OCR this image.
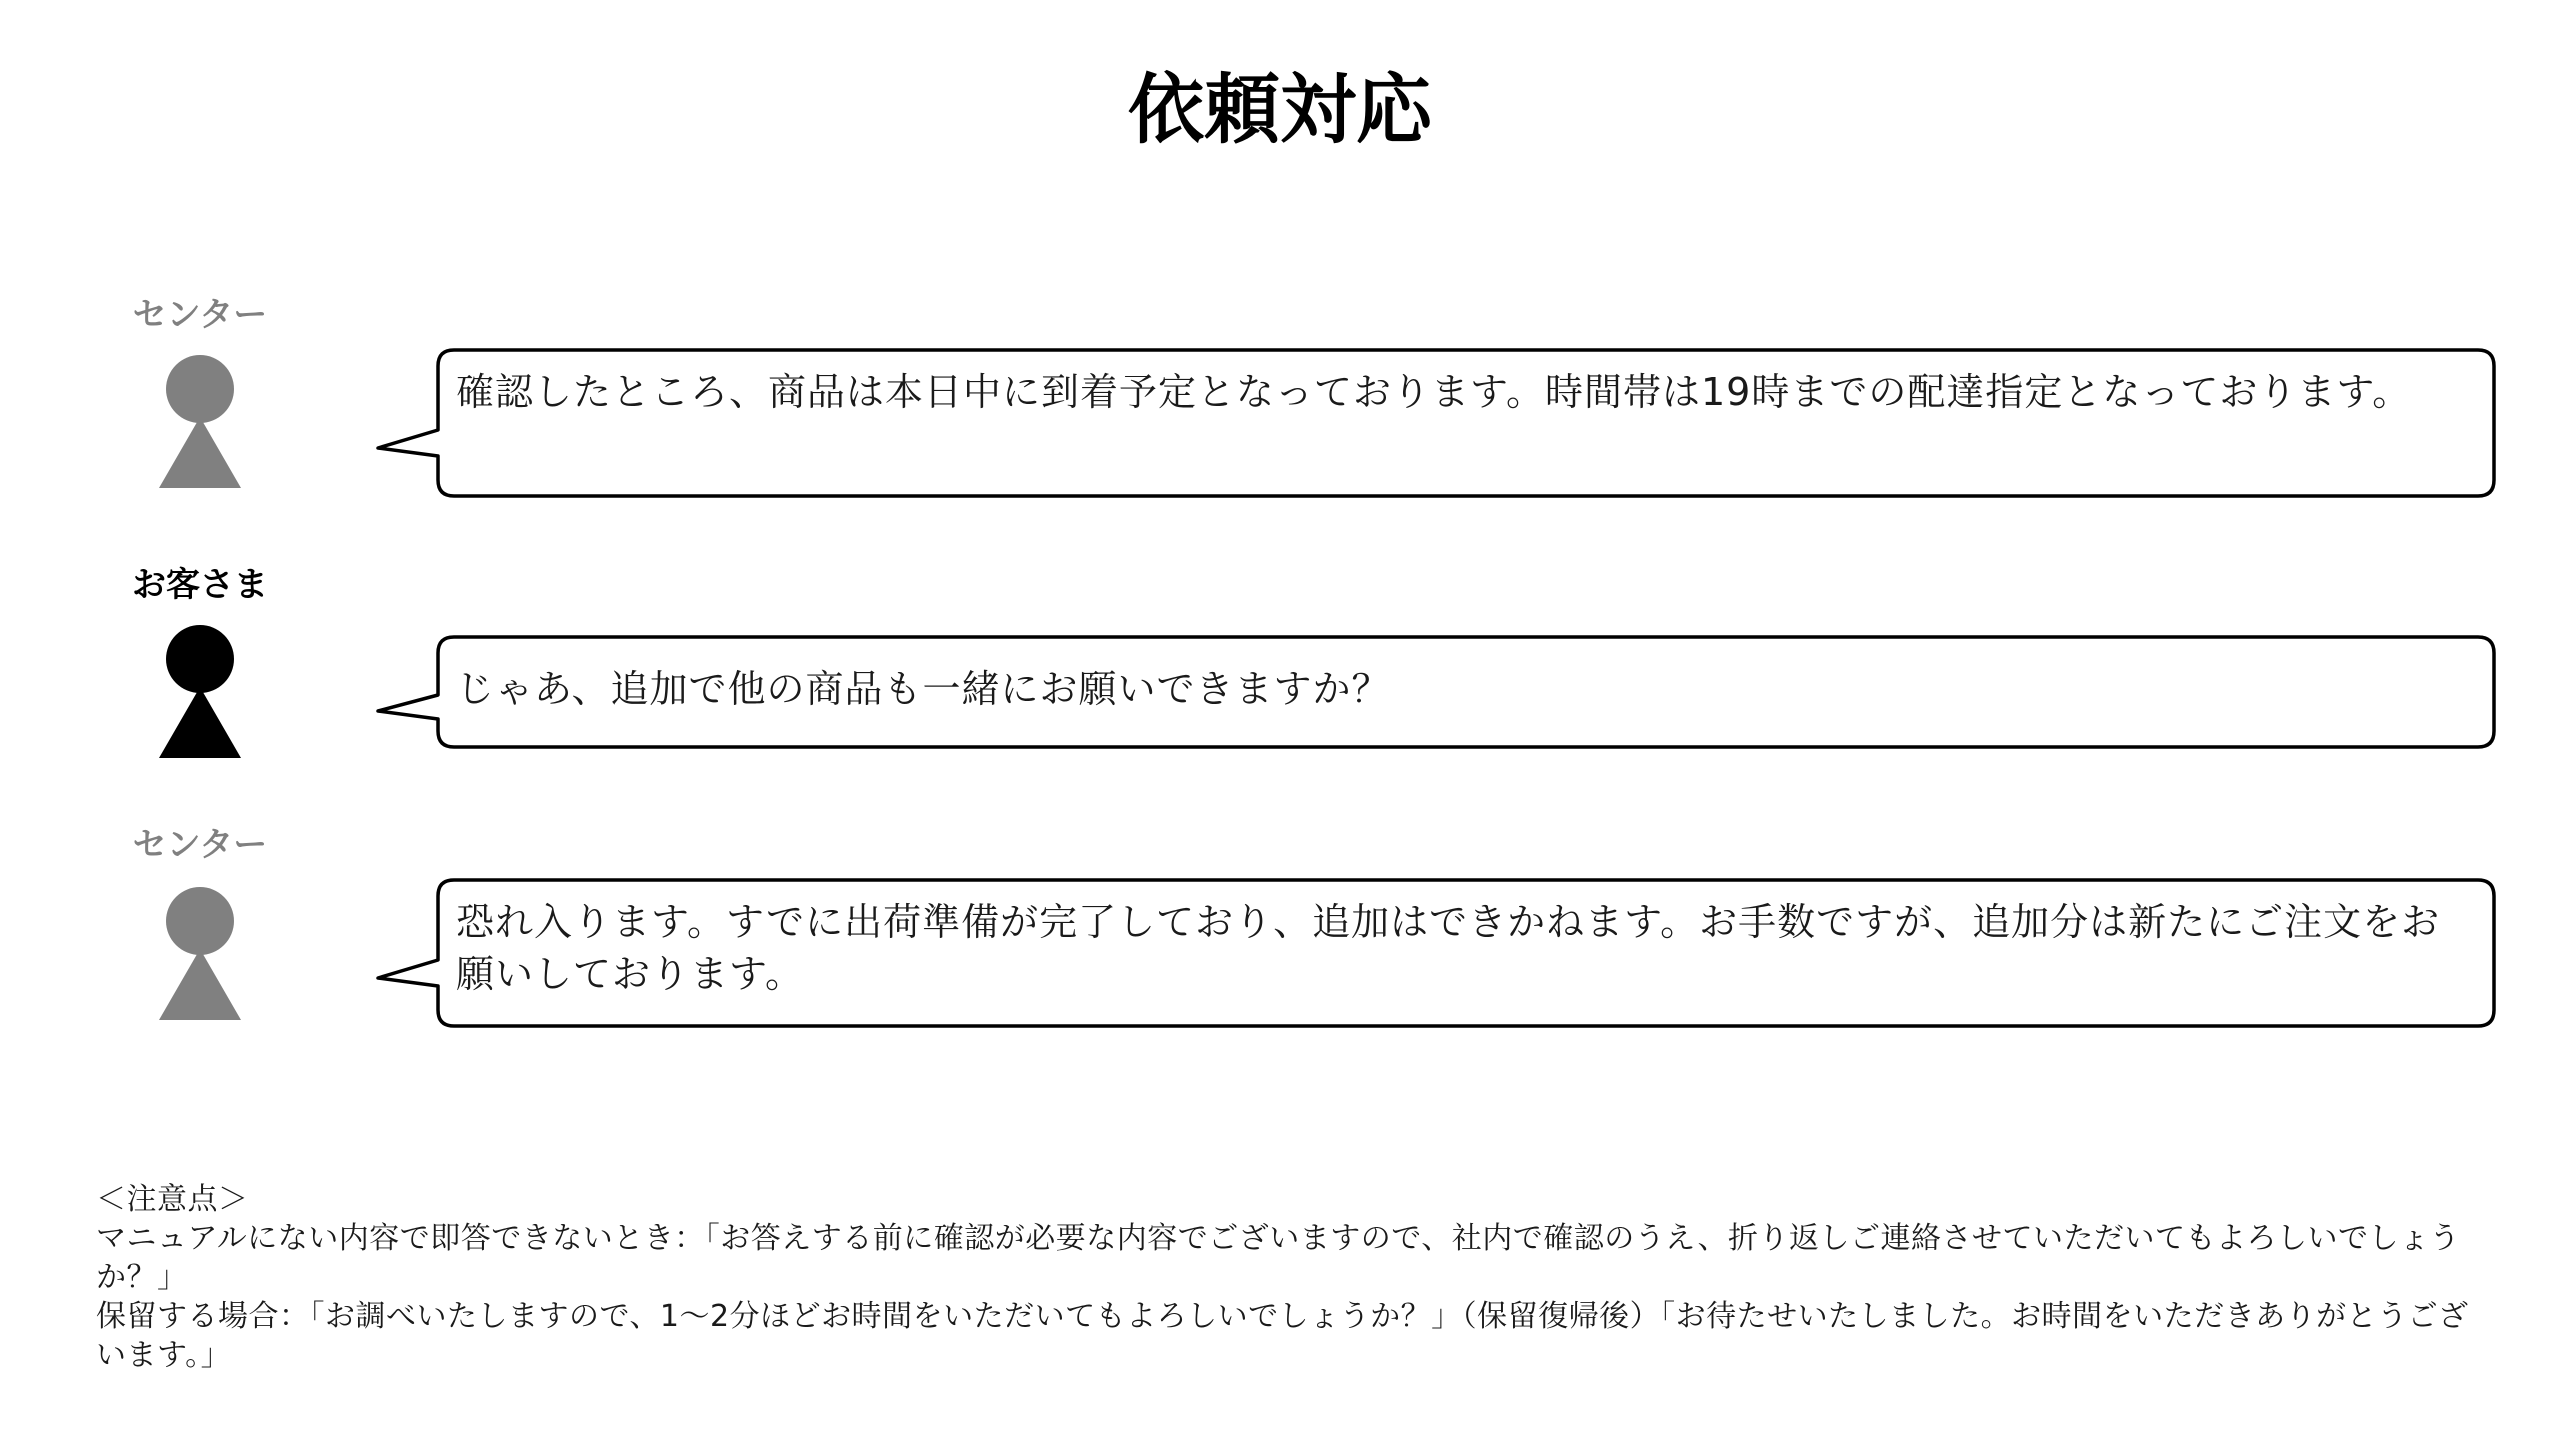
依頼対応
センター
確認したところ、商品は本日中に到着予定となっております。時間帯は19時までの配達指定となっております。
お客さま
じゃあ、追加で他の商品も一緒にお願いできますか？
センター
恐れ入ります。すでに出荷準備が完了しており、追加はできかねます。お手数ですが、追加分は新たにご注文をお願いしております。

＜注意点＞

マニュアルにない内容で即答できないとき：「お答えする前に確認が必要な内容でございますので、社内で確認のうえ、折り返しご連絡させていただいてもよろしいでしょうか？」

保留する場合：「お調べいたしますので、1～2分ほどお時間をいただいてもよろしいでしょうか？」（保留復帰後）「お待たせいたしました。お時間をいただきありがとうございます。」
